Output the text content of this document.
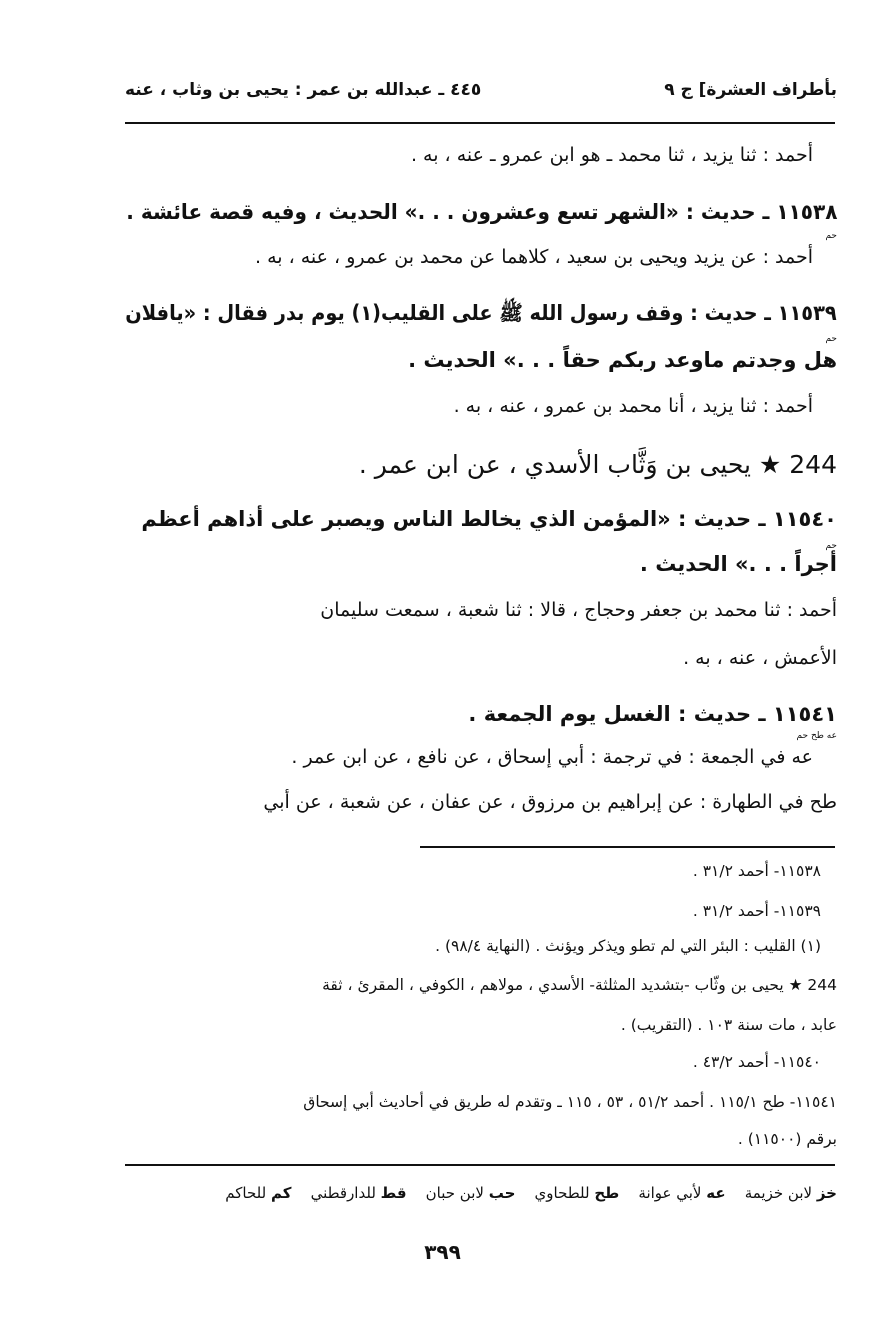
بأطراف العشرة] ج ٩
٤٤٥ ـ عبدالله بن عمر : يحيى بن وثاب ، عنه
أحمد : ثنا يزيد ، ثنا محمد ـ هو ابن عمرو ـ عنه ، به .
١١٥٣٨ ـ حديث : «الشهر تسع وعشرون . . .» الحديث ، وفيه قصة عائشة .
حم
أحمد : عن يزيد ويحيى بن سعيد ، كلاهما عن محمد بن عمرو ، عنه ، به .
١١٥٣٩ ـ حديث : وقف رسول الله ﷺ على القليب(١) يوم بدر فقال : «يافلان
حم
هل وجدتم ماوعد ربكم حقاً . . .» الحديث .
أحمد : ثنا يزيد ، أنا محمد بن عمرو ، عنه ، به .
244 ★ يحيى بن وَثَّاب الأسدي ، عن ابن عمر .
١١٥٤٠ ـ حديث : «المؤمن الذي يخالط الناس ويصبر على أذاهم أعظم
حم
أجراً . . .» الحديث .
أحمد : ثنا محمد بن جعفر وحجاج ، قالا : ثنا شعبة ، سمعت سليمان
الأعمش ، عنه ، به .
١١٥٤١ ـ حديث : الغسل يوم الجمعة .
عه طح حم
عه في الجمعة : في ترجمة : أبي إسحاق ، عن نافع ، عن ابن عمر .
طح في الطهارة : عن إبراهيم بن مرزوق ، عن عفان ، عن شعبة ، عن أبي
١١٥٣٨- أحمد ٣١/٢ .
١١٥٣٩- أحمد ٣١/٢ .
(١) القليب : البئر التي لم تطو ويذكر ويؤنث . (النهاية ٩٨/٤) .
244 ★ يحيى بن وثّاب -بتشديد المثلثة- الأسدي ، مولاهم ، الكوفي ، المقرئ ، ثقة
عابد ، مات سنة ١٠٣ . (التقريب) .
١١٥٤٠- أحمد ٤٣/٢ .
١١٥٤١- طح ١١٥/١ . أحمد ٥١/٢ ، ٥٣ ، ١١٥ ـ وتقدم له طريق في أحاديث أبي إسحاق
برقم (١١٥٠٠) .
خز لابن خزيمة    عه لأبي عوانة    طح للطحاوي    حب لابن حبان    قط للدارقطني    كم للحاكم
٣٩٩
